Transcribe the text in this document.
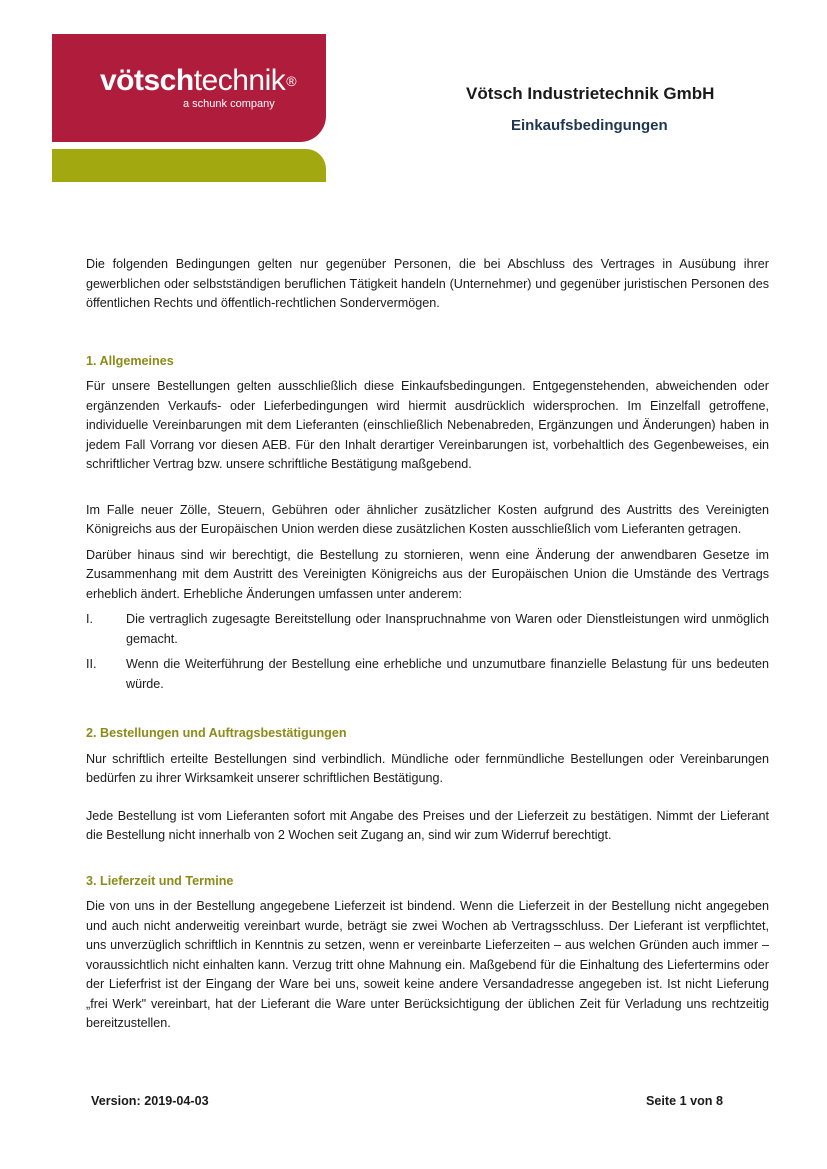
vötschtechnik®
a schunk company
Vötsch Industrietechnik GmbH
Einkaufsbedingungen

Die folgenden Bedingungen gelten nur gegenüber Personen, die bei Abschluss des Vertrages in Ausübung ihrer gewerblichen oder selbstständigen beruflichen Tätigkeit handeln (Unternehmer) und gegenüber juristischen Personen des öffentlichen Rechts und öffentlich-rechtlichen Sondervermögen.

1. Allgemeines

Für unsere Bestellungen gelten ausschließlich diese Einkaufsbedingungen. Entgegenstehenden, abweichenden oder ergänzenden Verkaufs- oder Lieferbedingungen wird hiermit ausdrücklich widersprochen. Im Einzelfall getroffene, individuelle Vereinbarungen mit dem Lieferanten (einschließlich Nebenabreden, Ergänzungen und Änderungen) haben in jedem Fall Vorrang vor diesen AEB. Für den Inhalt derartiger Vereinbarungen ist, vorbehaltlich des Gegenbeweises, ein schriftlicher Vertrag bzw. unsere schriftliche Bestätigung maßgebend.

Im Falle neuer Zölle, Steuern, Gebühren oder ähnlicher zusätzlicher Kosten aufgrund des Austritts des Vereinigten Königreichs aus der Europäischen Union werden diese zusätzlichen Kosten ausschließlich vom Lieferanten getragen.

Darüber hinaus sind wir berechtigt, die Bestellung zu stornieren, wenn eine Änderung der anwendbaren Gesetze im Zusammenhang mit dem Austritt des Vereinigten Königreichs aus der Europäischen Union die Umstände des Vertrags erheblich ändert. Erhebliche Änderungen umfassen unter anderem:

I.	Die vertraglich zugesagte Bereitstellung oder Inanspruchnahme von Waren oder Dienstleistungen wird unmöglich gemacht.

II.	Wenn die Weiterführung der Bestellung eine erhebliche und unzumutbare finanzielle Belastung für uns bedeuten würde.

2. Bestellungen und Auftragsbestätigungen

Nur schriftlich erteilte Bestellungen sind verbindlich. Mündliche oder fernmündliche Bestellungen oder Vereinbarungen bedürfen zu ihrer Wirksamkeit unserer schriftlichen Bestätigung.

Jede Bestellung ist vom Lieferanten sofort mit Angabe des Preises und der Lieferzeit zu bestätigen. Nimmt der Lieferant die Bestellung nicht innerhalb von 2 Wochen seit Zugang an, sind wir zum Widerruf berechtigt.

3. Lieferzeit und Termine

Die von uns in der Bestellung angegebene Lieferzeit ist bindend. Wenn die Lieferzeit in der Bestellung nicht angegeben und auch nicht anderweitig vereinbart wurde, beträgt sie zwei Wochen ab Vertragsschluss. Der Lieferant ist verpflichtet, uns unverzüglich schriftlich in Kenntnis zu setzen, wenn er vereinbarte Lieferzeiten – aus welchen Gründen auch immer – voraussichtlich nicht einhalten kann. Verzug tritt ohne Mahnung ein. Maßgebend für die Einhaltung des Liefertermins oder der Lieferfrist ist der Eingang der Ware bei uns, soweit keine andere Versandadresse angegeben ist. Ist nicht Lieferung „frei Werk" vereinbart, hat der Lieferant die Ware unter Berücksichtigung der üblichen Zeit für Verladung uns rechtzeitig bereitzustellen.

Version: 2019-04-03	Seite 1 von 8
